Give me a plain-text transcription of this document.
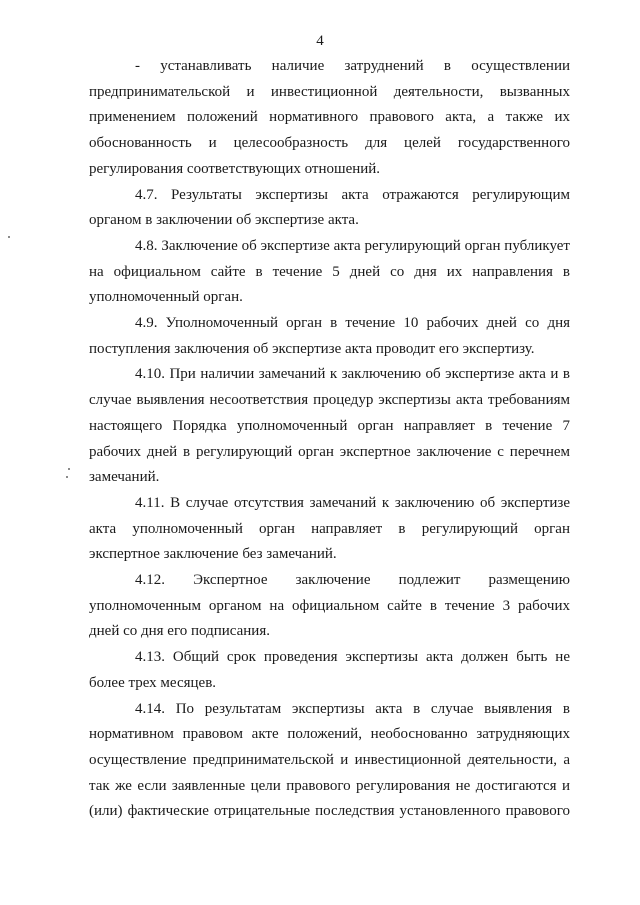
4

- устанавливать наличие затруднений в осуществлении предпринимательской и инвестиционной деятельности, вызванных применением положений нормативного правового акта, а также их обоснованность и целесообразность для целей государственного регулирования соответствующих отношений.

4.7. Результаты экспертизы акта отражаются регулирующим органом в заключении об экспертизе акта.

4.8. Заключение об экспертизе акта регулирующий орган публикует на официальном сайте в течение 5 дней со дня их направления в уполномоченный орган.

4.9. Уполномоченный орган в течение 10 рабочих дней со дня поступления заключения об экспертизе акта проводит его экспертизу.

4.10. При наличии замечаний к заключению об экспертизе акта и в случае выявления несоответствия процедур экспертизы акта требованиям настоящего Порядка уполномоченный орган направляет в течение 7 рабочих дней в регулирующий орган экспертное заключение с перечнем замечаний.

4.11. В случае отсутствия замечаний к заключению об экспертизе акта уполномоченный орган направляет в регулирующий орган экспертное заключение без замечаний.

4.12. Экспертное заключение подлежит размещению уполномоченным органом на официальном сайте в течение 3 рабочих дней со дня его подписания.

4.13. Общий срок проведения экспертизы акта должен быть не более трех месяцев.

4.14. По результатам экспертизы акта в случае выявления в нормативном правовом акте положений, необоснованно затрудняющих осуществление предпринимательской и инвестиционной деятельности, а так же если заявленные цели правового регулирования не достигаются и (или) фактические отрицательные последствия установленного правового
